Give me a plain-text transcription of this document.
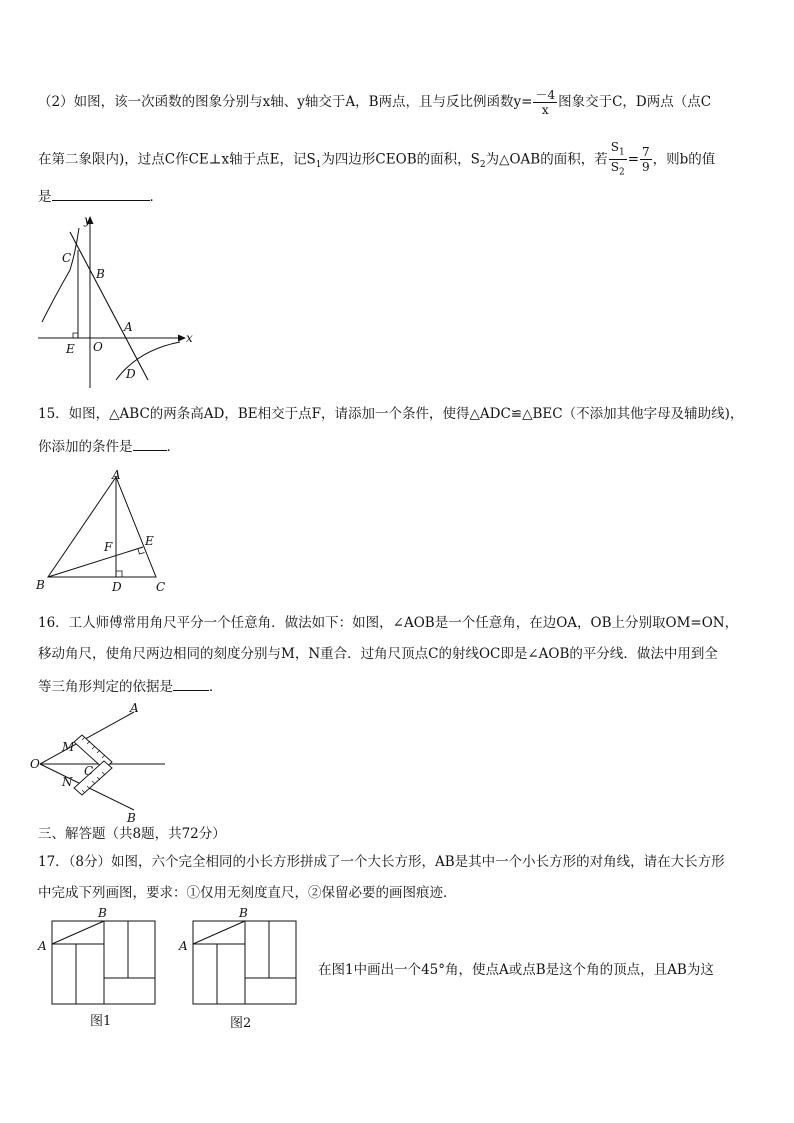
（2）如图，该一次函数的图象分别与x轴、y轴交于A，B两点，且与反比例函数$y= \frac{-4}{x}$ 图象交于C，D两点（点C
在第二象限内)，过点C作CE⊥x轴于点E，记$S_1$为四边形CEOB的面积，$S_2$为△OAB的面积，若 $\frac{S_1}{S_2} = \frac{7}{9}$ ，则b的值
是	．
y
x
C
B
A
E O
D
15．如图，△ABC的两条高AD，BE相交于点F，请添加一个条件，使得△ADC≌△BEC（不添加其他字母及辅助线)，
你添加的条件是	．
A
E
F
B	D	C
16．工人师傅常用角尺平分一个任意角．做法如下：如图，∠AOB是一个任意角，在边OA，OB上分别取OM=ON，
移动角尺，使角尺两边相同的刻度分别与M，N重合．过角尺顶点C的射线OC即是∠AOB的平分线．做法中用到全
等三角形判定的依据是	．
A
M
O	C
N
B
三、解答题（共8题，共72分）
17．（8分）如图，六个完全相同的小长方形拼成了一个大长方形，AB是其中一个小长方形的对角线，请在大长方形
中完成下列画图，要求：①仅用无刻度直尺，②保留必要的画图痕迹．
A
B
图1
A
B
图2
在图1中画出一个45°角，使点A或点B是这个角的顶点，且AB为这
